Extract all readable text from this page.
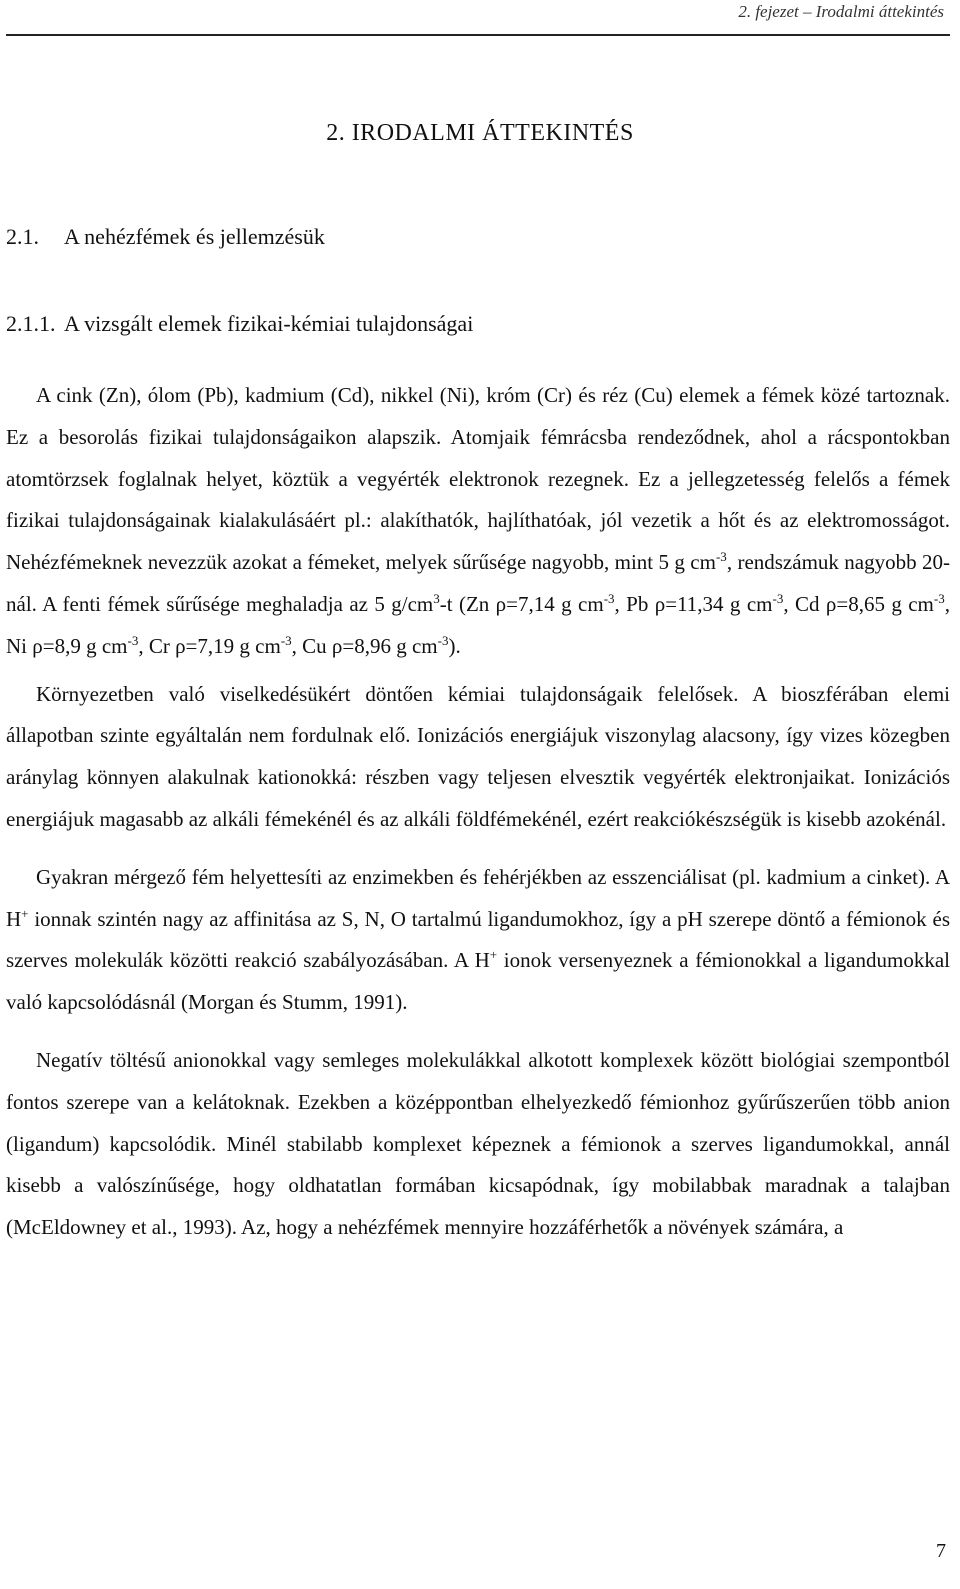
2. fejezet – Irodalmi áttekintés
2. IRODALMI ÁTTEKINTÉS
2.1. A nehézfémek és jellemzésük
2.1.1. A vizsgált elemek fizikai-kémiai tulajdonságai

A cink (Zn), ólom (Pb), kadmium (Cd), nikkel (Ni), króm (Cr) és réz (Cu) elemek a fémek közé tartoznak. Ez a besorolás fizikai tulajdonságaikon alapszik. Atomjaik fémrácsba rendeződnek, ahol a rácspontokban atomtörzsek foglalnak helyet, köztük a vegyérték elektronok rezegnek. Ez a jellegzetesség felelős a fémek fizikai tulajdonságainak kialakulásáért pl.: alakíthatók, hajlíthatóak, jól vezetik a hőt és az elektromosságot. Nehézfémeknek nevezzük azokat a fémeket, melyek sűrűsége nagyobb, mint 5 g $cm^{-3}$, rendszámuk nagyobb 20-nál. A fenti fémek sűrűsége meghaladja az 5 $g/cm^3-t$ (Zn ρ=7,14 g $cm^{-3}$, Pb ρ=11,34 g $cm^{-3}$, Cd ρ=8,65 g $cm^{-3}$, Ni ρ=8,9 g $cm^{-3}$, Cr ρ=7,19 g $cm^{-3}$, Cu ρ=8,96 g $cm^{-3}$).

Környezetben való viselkedésükért döntően kémiai tulajdonságaik felelősek. A bioszférában elemi állapotban szinte egyáltalán nem fordulnak elő. Ionizációs energiájuk viszonylag alacsony, így vizes közegben aránylag könnyen alakulnak kationokká: részben vagy teljesen elvesztik vegyérték elektronjaikat. Ionizációs energiájuk magasabb az alkáli fémekénél és az alkáli földfémekénél, ezért reakciókészségük is kisebb azokénál.

Gyakran mérgező fém helyettesíti az enzimekben és fehérjékben az esszenciálisat (pl. kadmium a cinket). A H+ ionnak szintén nagy az affinitása az S, N, O tartalmú ligandumokhoz, így a pH szerepe döntő a fémionok és szerves molekulák közötti reakció szabályozásában. A H+ ionok versenyeznek a fémionokkal a ligandumokkal való kapcsolódásnál (Morgan és Stumm, 1991).

Negatív töltésű anionokkal vagy semleges molekulákkal alkotott komplexek között biológiai szempontból fontos szerepe van a kelátoknak. Ezekben a középpontban elhelyezkedő fémionhoz gyűrűszerűen több anion (ligandum) kapcsolódik. Minél stabilabb komplexet képeznek a fémionok a szerves ligandumokkal, annál kisebb a valószínűsége, hogy oldhatatlan formában kicsapódnak, így mobilabbak maradnak a talajban (McEldowney et al., 1993). Az, hogy a nehézfémek mennyire hozzáférhetők a növények számára, a

7
